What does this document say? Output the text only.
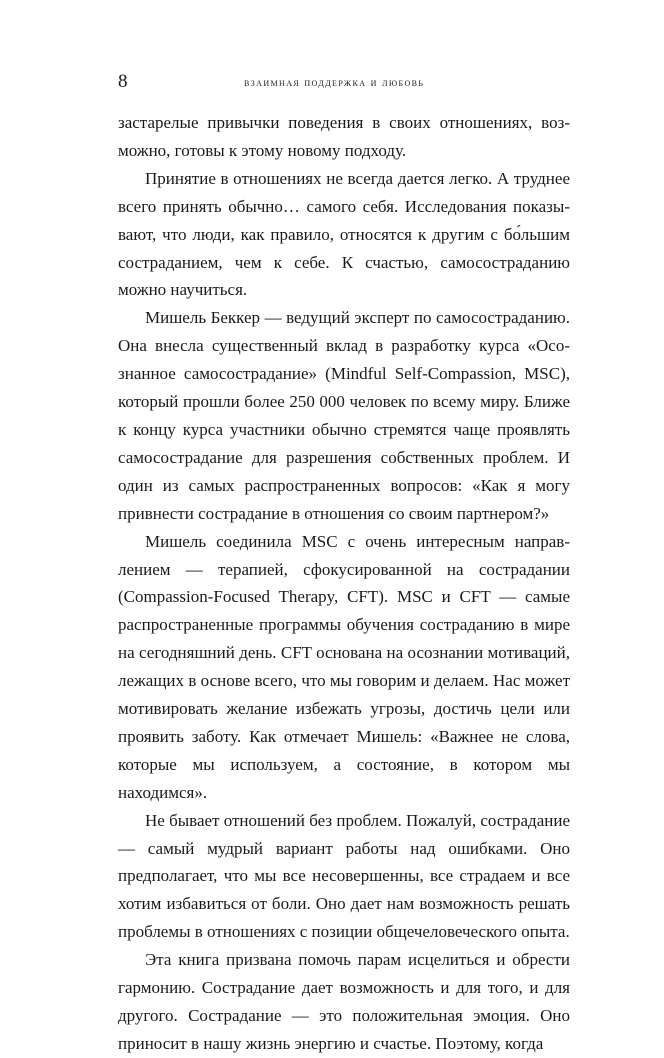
8	взаимная поддержка и любовь

застарелые привычки поведения в своих отношениях, возможно, готовы к этому новому подходу.

Принятие в отношениях не всегда дается легко. А труднее всего принять обычно… самого себя. Исследования показывают, что люди, как правило, относятся к другим с бо́льшим состраданием, чем к себе. К счастью, самосостраданию можно научиться.

Мишель Беккер — ведущий эксперт по самосостраданию. Она внесла существенный вклад в разработку курса «Осознанное самосострадание» (Mindful Self-Compassion, MSC), который прошли более 250 000 человек по всему миру. Ближе к концу курса участники обычно стремятся чаще проявлять самосострадание для разрешения собственных проблем. И один из самых распространенных вопросов: «Как я могу привнести сострадание в отношения со своим партнером?»

Мишель соединила MSC с очень интересным направлением — терапией, сфокусированной на сострадании (Compassion-Focused Therapy, CFT). MSC и CFT — самые распространенные программы обучения состраданию в мире на сегодняшний день. CFT основана на осознании мотиваций, лежащих в основе всего, что мы говорим и делаем. Нас может мотивировать желание избежать угрозы, достичь цели или проявить заботу. Как отмечает Мишель: «Важнее не слова, которые мы используем, а состояние, в котором мы находимся».

Не бывает отношений без проблем. Пожалуй, сострадание — самый мудрый вариант работы над ошибками. Оно предполагает, что мы все несовершенны, все страдаем и все хотим избавиться от боли. Оно дает нам возможность решать проблемы в отношениях с позиции общечеловеческого опыта.

Эта книга призвана помочь парам исцелиться и обрести гармонию. Сострадание дает возможность и для того, и для другого. Сострадание — это положительная эмоция. Оно приносит в нашу жизнь энергию и счастье. Поэтому, когда
